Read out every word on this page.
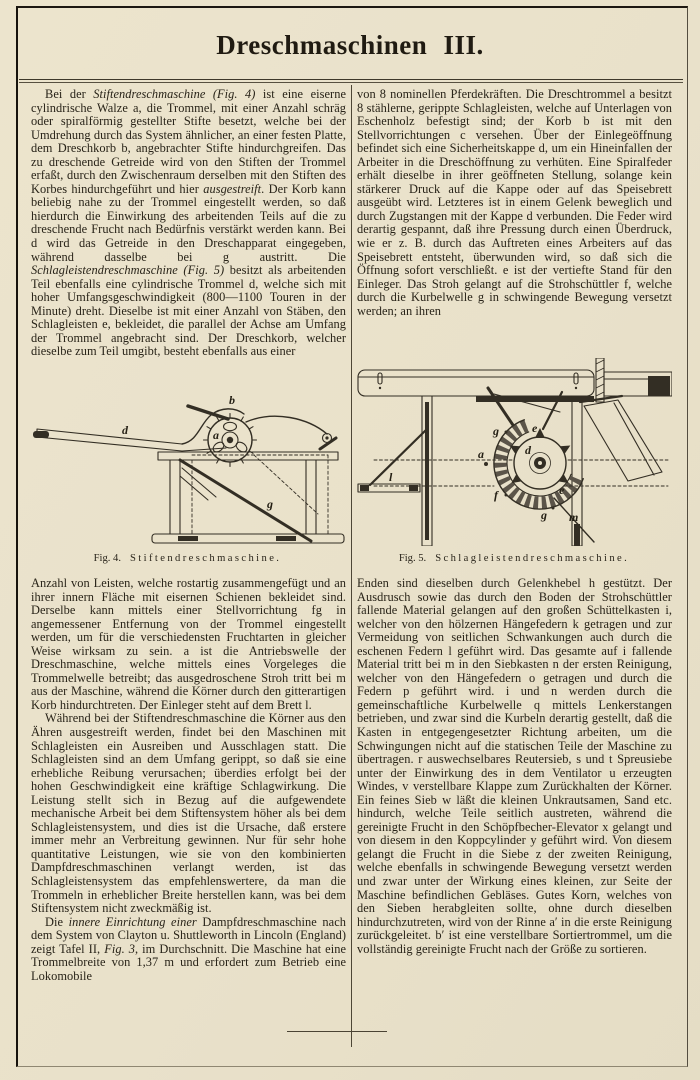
Dreschmaschinen III.

Bei der Stiftendreschmaschine (Fig. 4) ist eine eiserne cylindrische Walze a, die Trommel, mit einer Anzahl schräg oder spiralförmig gestellter Stifte besetzt, welche bei der Umdrehung durch das System ähnlicher, an einer festen Platte, dem Dreschkorb b, angebrachter Stifte hindurchgreifen. Das zu dreschende Getreide wird von den Stiften der Trommel erfaßt, durch den Zwischenraum derselben mit den Stiften des Korbes hindurchgeführt und hier ausgestreift. Der Korb kann beliebig nahe zu der Trommel eingestellt werden, so daß hierdurch die Einwirkung des arbeitenden Teils auf die zu dreschende Frucht nach Bedürfnis verstärkt werden kann. Bei d wird das Getreide in den Dreschapparat eingegeben, während dasselbe bei g austritt. Die Schlagleistendreschmaschine (Fig. 5) besitzt als arbeitenden Teil ebenfalls eine cylindrische Trommel d, welche sich mit hoher Umfangsgeschwindigkeit (800—1100 Touren in der Minute) dreht. Dieselbe ist mit einer Anzahl von Stäben, den Schlagleisten e, bekleidet, die parallel der Achse am Umfang der Trommel angebracht sind. Der Dreschkorb, welcher dieselbe zum Teil umgibt, besteht ebenfalls aus einer

von 8 nominellen Pferdekräften. Die Dreschtrommel a besitzt 8 stählerne, gerippte Schlagleisten, welche auf Unterlagen von Eschenholz befestigt sind; der Korb b ist mit den Stellvorrichtungen c versehen. Über der Einlegeöffnung befindet sich eine Sicherheitskappe d, um ein Hineinfallen der Arbeiter in die Dreschöffnung zu verhüten. Eine Spiralfeder erhält dieselbe in ihrer geöffneten Stellung, solange kein stärkerer Druck auf die Kappe oder auf das Speisebrett ausgeübt wird. Letzteres ist in einem Gelenk beweglich und durch Zugstangen mit der Kappe d verbunden. Die Feder wird derartig gespannt, daß ihre Pressung durch einen Überdruck, wie er z. B. durch das Auftreten eines Arbeiters auf das Speisebrett entsteht, überwunden wird, so daß sich die Öffnung sofort verschließt. e ist der vertiefte Stand für den Einleger. Das Stroh gelangt auf die Strohschüttler f, welche durch die Kurbelwelle g in schwingende Bewegung versetzt werden; an ihren

b
d	a
g
g	e
d
a
f	e
g m
l
Fig. 4. Stiftendreschmaschine.	Fig. 5. Schlagleistendreschmaschine.

Anzahl von Leisten, welche rostartig zusammengefügt und an ihrer innern Fläche mit eisernen Schienen bekleidet sind. Derselbe kann mittels einer Stellvorrichtung fg in angemessener Entfernung von der Trommel eingestellt werden, um für die verschiedensten Fruchtarten in gleicher Weise wirksam zu sein. a ist die Antriebswelle der Dreschmaschine, welche mittels eines Vorgeleges die Trommelwelle betreibt; das ausgedroschene Stroh tritt bei m aus der Maschine, während die Körner durch den gitterartigen Korb hindurchtreten. Der Einleger steht auf dem Brett l.

Während bei der Stiftendreschmaschine die Körner aus den Ähren ausgestreift werden, findet bei den Maschinen mit Schlagleisten ein Ausreiben und Ausschlagen statt. Die Schlagleisten sind an dem Umfang gerippt, so daß sie eine erhebliche Reibung verursachen; überdies erfolgt bei der hohen Geschwindigkeit eine kräftige Schlagwirkung. Die Leistung stellt sich in Bezug auf die aufgewendete mechanische Arbeit bei dem Stiftensystem höher als bei dem Schlagleistensystem, und dies ist die Ursache, daß erstere immer mehr an Verbreitung gewinnen. Nur für sehr hohe quantitative Leistungen, wie sie von den kombinierten Dampfdreschmaschinen verlangt werden, ist das Schlagleistensystem das empfehlenswertere, da man die Trommeln in erheblicher Breite herstellen kann, was bei dem Stiftensystem nicht zweckmäßig ist.

Die innere Einrichtung einer Dampfdreschmaschine nach dem System von Clayton u. Shuttleworth in Lincoln (England) zeigt Tafel II, Fig. 3, im Durchschnitt. Die Maschine hat eine Trommelbreite von 1,37 m und erfordert zum Betrieb eine Lokomobile

Enden sind dieselben durch Gelenkhebel h gestützt. Der Ausdrusch sowie das durch den Boden der Strohschüttler fallende Material gelangen auf den großen Schüttelkasten i, welcher von den hölzernen Hängefedern k getragen und zur Vermeidung von seitlichen Schwankungen auch durch die eschenen Federn l geführt wird. Das gesamte auf i fallende Material tritt bei m in den Siebkasten n der ersten Reinigung, welcher von den Hängefedern o getragen und durch die Federn p geführt wird. i und n werden durch die gemeinschaftliche Kurbelwelle q mittels Lenkerstangen betrieben, und zwar sind die Kurbeln derartig gestellt, daß die Kasten in entgegengesetzter Richtung arbeiten, um die Schwingungen nicht auf die statischen Teile der Maschine zu übertragen. r auswechselbares Reutersieb, s und t Spreusiebe unter der Einwirkung des in dem Ventilator u erzeugten Windes, v verstellbare Klappe zum Zurückhalten der Körner. Ein feines Sieb w läßt die kleinen Unkrautsamen, Sand etc. hindurch, welche Teile seitlich austreten, während die gereinigte Frucht in den Schöpfbecher-Elevator x gelangt und von diesem in den Koppcylinder y geführt wird. Von diesem gelangt die Frucht in die Siebe z der zweiten Reinigung, welche ebenfalls in schwingende Bewegung versetzt werden und zwar unter der Wirkung eines kleinen, zur Seite der Maschine befindlichen Gebläses. Gutes Korn, welches von den Sieben herabgleiten sollte, ohne durch dieselben hindurchzutreten, wird von der Rinne a′ in die erste Reinigung zurückgeleitet. b′ ist eine verstellbare Sortiertrommel, um die vollständig gereinigte Frucht nach der Größe zu sortieren.
